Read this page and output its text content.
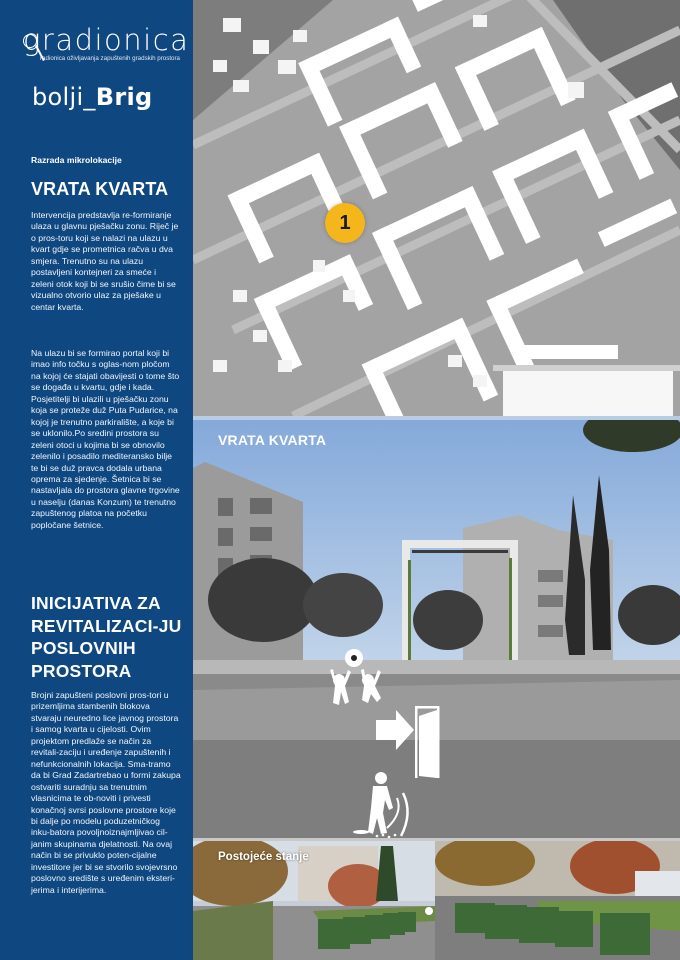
gradionica
radionica oživljavanja zapuštenih gradskih prostora
bolji_Brig
Razrada mikrolokacije
VRATA KVARTA

Intervencija predstavlja re-formiranje ulaza u glavnu pješačku zonu. Riječ je o pros-toru koji se nalazi na ulazu u kvart gdje se prometnica račva u dva smjera. Trenutno su na ulazu postavljeni kontejneri za smeće i zeleni otok koji bi se srušio čime bi se vizualno otvorio ulaz za pješake u centar kvarta.

Na ulazu bi se formirao portal koji bi imao info točku s oglas-nom pločom na kojoj će stajati obavijesti o tome što se događa u kvartu, gdje i kada. Posjetitelji bi ulazili u pješačku zonu koja se proteže duž Puta Pudarice, na kojoj je trenutno parkiralište, a koje bi se uklonilo.Po sredini prostora su zeleni otoci u kojima bi se obnovilo zelenilo i posadilo mediteransko bilje te bi se duž pravca dodala urbana oprema za sjedenje. Šetnica bi se nastavljala do prostora glavne trgovine u naselju (danas Konzum) te trenutno zapuštenog platoa na početku popločane šetnice.

INICIJATIVA ZA REVITALIZACI-JU POSLOVNIH PROSTORA

Brojni zapušteni poslovni pros-tori u prizemljima stambenih blokova stvaraju neuredno lice javnog prostora i samog kvarta u cijelosti. Ovim projektom predlaže se način za revitali-zaciju i uređenje zapuštenih i nefunkcionalnih lokacija. Sma-tramo da bi Grad Zadartrebao u formi zakupa ostvariti suradnju sa trenutnim vlasnicima te ob-noviti i privesti konačnoj svrsi poslovne prostore koje bi dalje po modelu poduzetničkog inku-batora povoljnoiznajmljivao cil-janim skupinama djelatnosti. Na ovaj način bi se privuklo poten-cijalne investitore jer bi se stvorilo svojevrsno poslovno središte s uređenim eksteri-jerima i interijerima.

1
VRATA KVARTA
Postojeće stanje
